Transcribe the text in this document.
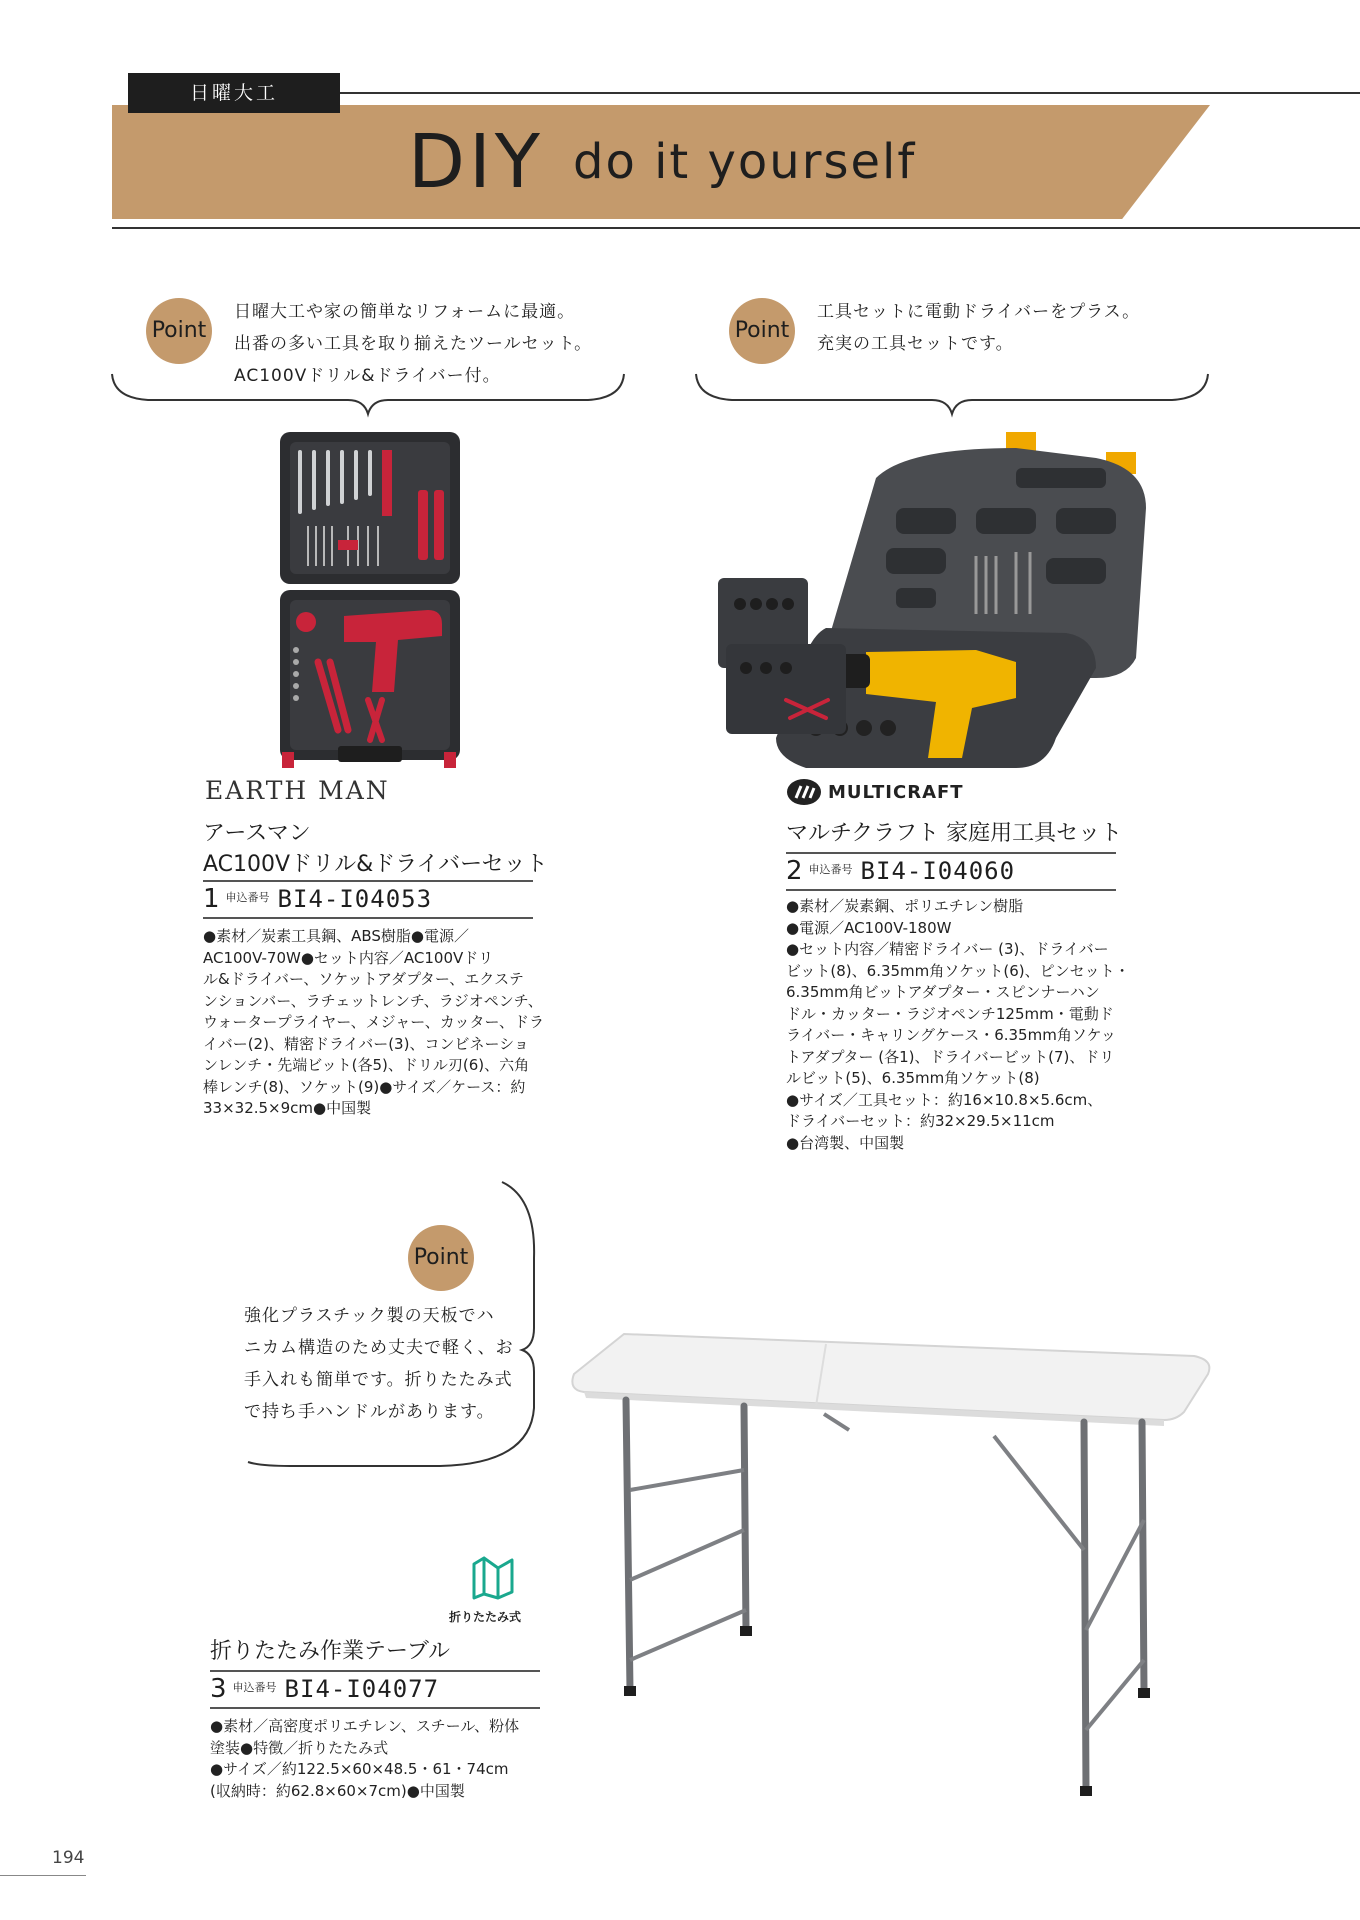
日曜大工
DIY do it yourself
Point
日曜大工や家の簡単なリフォームに最適。
出番の多い工具を取り揃えたツールセット。
AC100Vドリル&ドライバー付。
Point
工具セットに電動ドライバーをプラス。
充実の工具セットです。
EARTH MAN
アースマン
AC100Vドリル&ドライバーセット
1 $^{申込番号}$ BI4-I04053
●素材／炭素工具鋼、ABS樹脂●電源／
AC100V-70W●セット内容／AC100Vドリ
ル&ドライバー、ソケットアダプター、エクステ
ンションバー、ラチェットレンチ、ラジオペンチ、
ウォータープライヤー、メジャー、カッター、ドラ
イバー(2)、精密ドライバー(3)、コンビネーショ
ンレンチ・先端ビット(各5)、ドリル刃(6)、六角
棒レンチ(8)、ソケット(9)●サイズ／ケース：約
33×32.5×9cm●中国製
MULTICRAFT
マルチクラフト 家庭用工具セット
2 $^{申込番号}$ BI4-I04060
●素材／炭素鋼、ポリエチレン樹脂
●電源／AC100V-180W
●セット内容／精密ドライバー (3)、ドライバー
ビット(8)、6.35mm角ソケット(6)、ピンセット・
6.35mm角ビットアダプター・スピンナーハン
ドル・カッター・ラジオペンチ125mm・電動ド
ライバー・キャリングケース・6.35mm角ソケッ
トアダプター (各1)、ドライバービット(7)、ドリ
ルビット(5)、6.35mm角ソケット(8)
●サイズ／工具セット：約16×10.8×5.6cm、
ドライバーセット：約32×29.5×11cm
●台湾製、中国製
Point
強化プラスチック製の天板でハ
ニカム構造のため丈夫で軽く、お
手入れも簡単です。折りたたみ式
で持ち手ハンドルがあります。
折りたたみ式
折りたたみ作業テーブル
3 $^{申込番号}$ BI4-I04077
●素材／高密度ポリエチレン、スチール、粉体
塗装●特徴／折りたたみ式
●サイズ／約122.5×60×48.5・61・74cm
(収納時：約62.8×60×7cm)●中国製
194
